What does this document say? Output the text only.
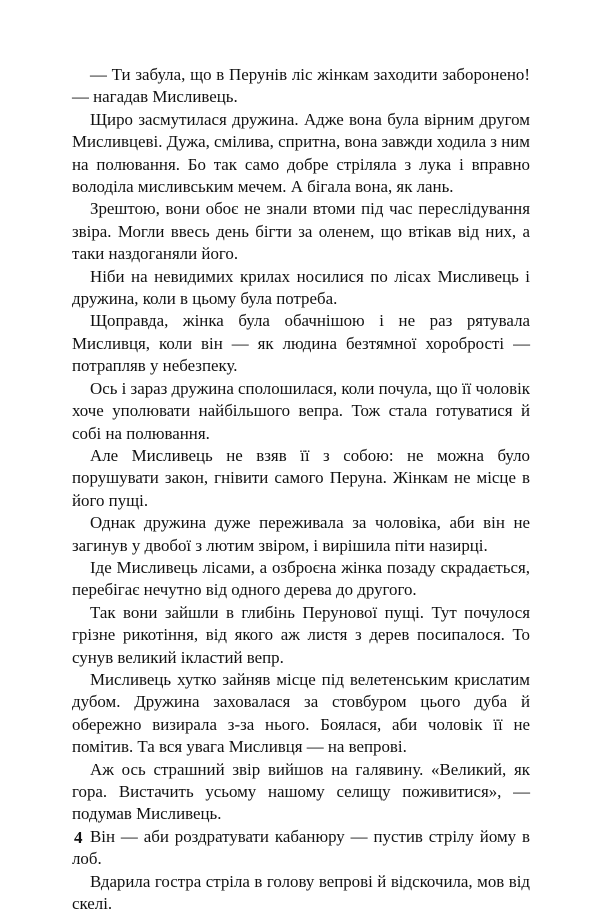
— Ти забула, що в Перунів ліс жінкам заходити заборонено! — нагадав Мисливець.

Щиро засмутилася дружина. Адже вона була вірним другом Мисливцеві. Дужа, смілива, спритна, вона завжди ходила з ним на полювання. Бо так само добре стріляла з лука і вправно володіла мисливським мечем. А бігала вона, як лань.

Зрештою, вони обоє не знали втоми під час переслідування звіра. Могли ввесь день бігти за оленем, що втікав від них, а таки наздоганяли його.

Ніби на невидимих крилах носилися по лісах Мисливець і дружина, коли в цьому була потреба.

Щоправда, жінка була обачнішою і не раз рятувала Мисливця, коли він — як людина безтямної хоробрості — потрапляв у небезпеку.

Ось і зараз дружина сполошилася, коли почула, що її чоловік хоче уполювати найбільшого вепра. Тож стала готуватися й собі на полювання.

Але Мисливець не взяв її з собою: не можна було порушувати закон, гнівити самого Перуна. Жінкам не місце в його пущі.

Однак дружина дуже переживала за чоловіка, аби він не загинув у двобої з лютим звіром, і вирішила піти назирці.

Іде Мисливець лісами, а озброєна жінка позаду скрадається, перебігає нечутно від одного дерева до другого.

Так вони зайшли в глибінь Перунової пущі. Тут почулося грізне рикотіння, від якого аж листя з дерев посипалося. То сунув великий ікластий вепр.

Мисливець хутко зайняв місце під велетенським крислатим дубом. Дружина заховалася за стовбуром цього дуба й обережно визирала з-за нього. Боялася, аби чоловік її не помітив. Та вся увага Мисливця — на вепрові.

Аж ось страшний звір вийшов на галявину. «Великий, як гора. Вистачить усьому нашому селищу поживитися», — подумав Мисливець.

Він — аби роздратувати кабанюру — пустив стрілу йому в лоб.

Вдарила гостра стріла в голову вепрові й відскочила, мов від скелі.

4
